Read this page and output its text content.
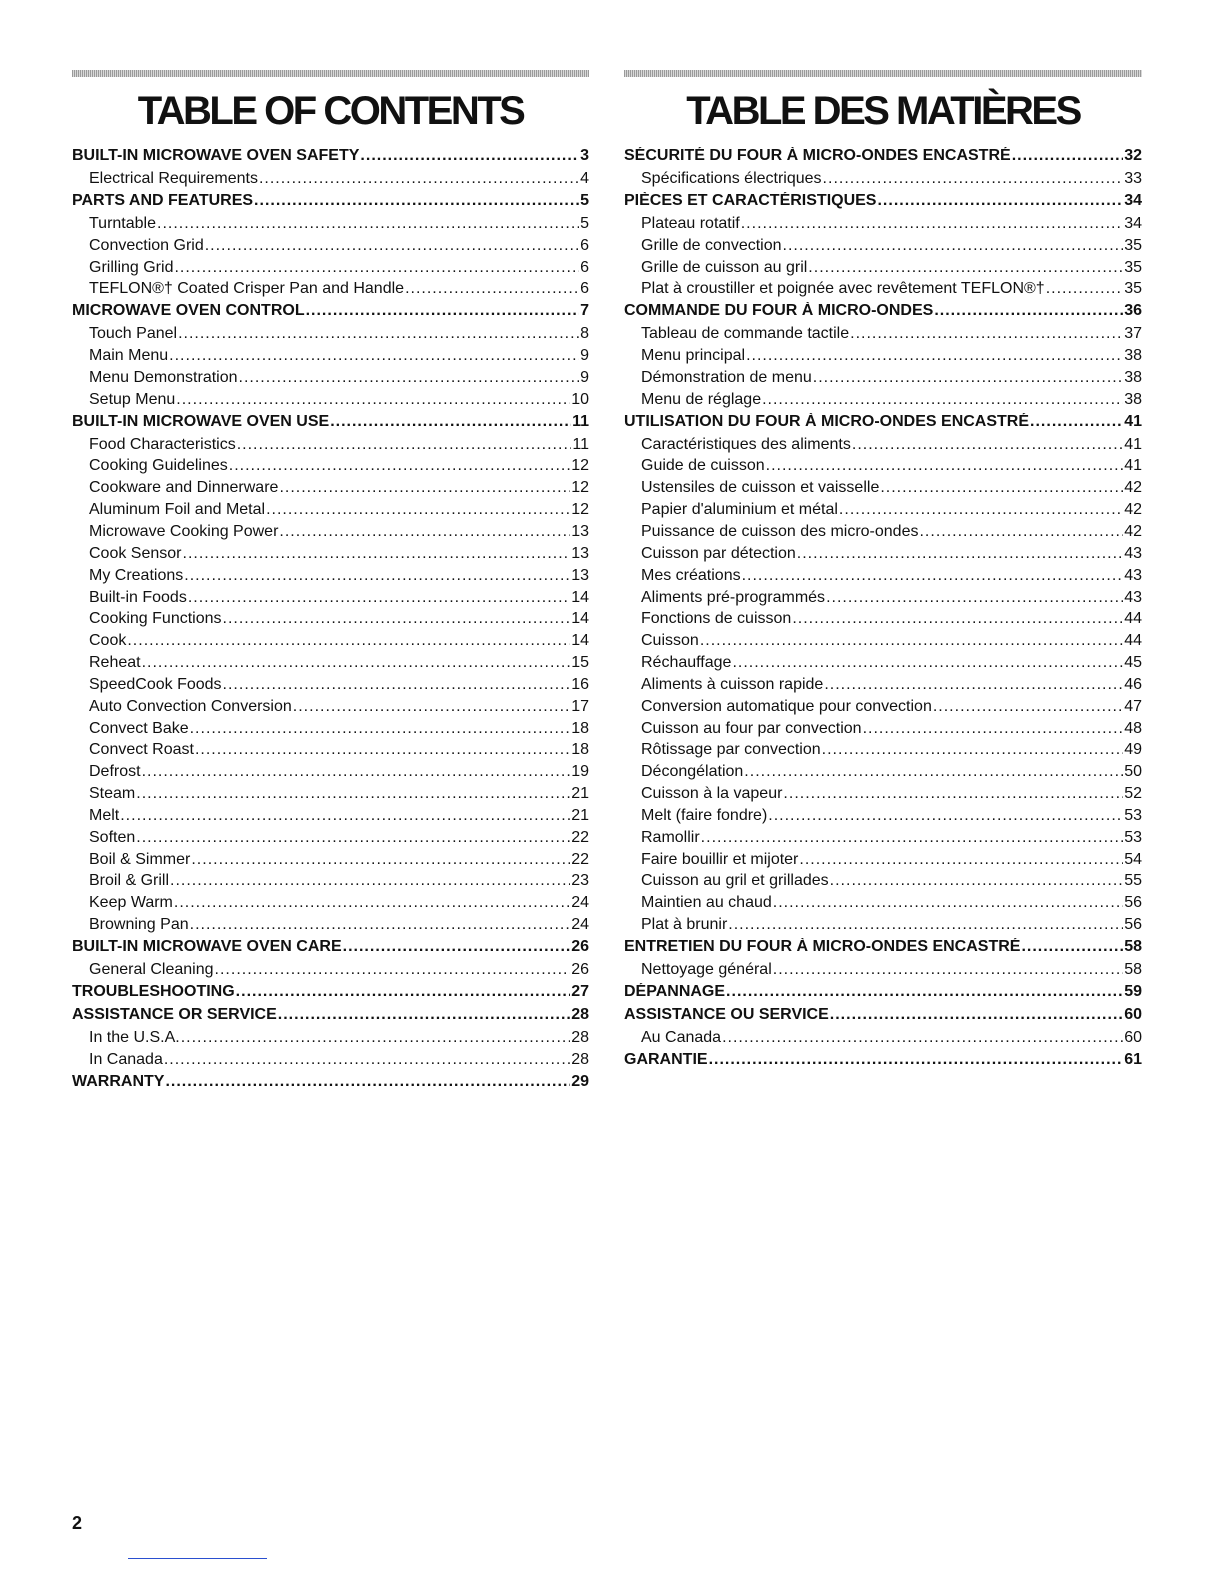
TABLE OF CONTENTS
BUILT-IN MICROWAVE OVEN SAFETY .....	3
Electrical Requirements .....	4
PARTS AND FEATURES .....	5
Turntable .....	5
Convection Grid .....	6
Grilling Grid .....	6
TEFLON®† Coated Crisper Pan and Handle .....	6
MICROWAVE OVEN CONTROL .....	7
Touch Panel .....	8
Main Menu .....	9
Menu Demonstration .....	9
Setup Menu .....	10
BUILT-IN MICROWAVE OVEN USE .....	11
Food Characteristics .....	11
Cooking Guidelines .....	12
Cookware and Dinnerware .....	12
Aluminum Foil and Metal .....	12
Microwave Cooking Power .....	13
Cook Sensor .....	13
My Creations .....	13
Built-in Foods .....	14
Cooking Functions .....	14
Cook .....	14
Reheat .....	15
SpeedCook Foods .....	16
Auto Convection Conversion .....	17
Convect Bake .....	18
Convect Roast .....	18
Defrost .....	19
Steam .....	21
Melt .....	21
Soften .....	22
Boil & Simmer .....	22
Broil & Grill .....	23
Keep Warm .....	24
Browning Pan .....	24
BUILT-IN MICROWAVE OVEN CARE .....	26
General Cleaning .....	26
TROUBLESHOOTING .....	27
ASSISTANCE OR SERVICE .....	28
In the U.S.A. .....	28
In Canada .....	28
WARRANTY .....	29
TABLE DES MATIÈRES
SÉCURITÉ DU FOUR À MICRO-ONDES ENCASTRÉ .....	32
Spécifications électriques .....	33
PIÈCES ET CARACTÉRISTIQUES .....	34
Plateau rotatif .....	34
Grille de convection .....	35
Grille de cuisson au gril .....	35
Plat à croustiller et poignée avec revêtement TEFLON®† .....	35
COMMANDE DU FOUR À MICRO-ONDES .....	36
Tableau de commande tactile .....	37
Menu principal .....	38
Démonstration de menu .....	38
Menu de réglage .....	38
UTILISATION DU FOUR À MICRO-ONDES ENCASTRÉ .....	41
Caractéristiques des aliments .....	41
Guide de cuisson .....	41
Ustensiles de cuisson et vaisselle .....	42
Papier d'aluminium et métal .....	42
Puissance de cuisson des micro-ondes .....	42
Cuisson par détection .....	43
Mes créations .....	43
Aliments pré-programmés .....	43
Fonctions de cuisson .....	44
Cuisson .....	44
Réchauffage .....	45
Aliments à cuisson rapide .....	46
Conversion automatique pour convection .....	47
Cuisson au four par convection .....	48
Rôtissage par convection .....	49
Décongélation .....	50
Cuisson à la vapeur .....	52
Melt (faire fondre) .....	53
Ramollir .....	53
Faire bouillir et mijoter .....	54
Cuisson au gril et grillades .....	55
Maintien au chaud .....	56
Plat à brunir .....	56
ENTRETIEN DU FOUR À MICRO-ONDES ENCASTRÉ .....	58
Nettoyage général .....	58
DÉPANNAGE .....	59
ASSISTANCE OU SERVICE .....	60
Au Canada .....	60
GARANTIE .....	61
2
